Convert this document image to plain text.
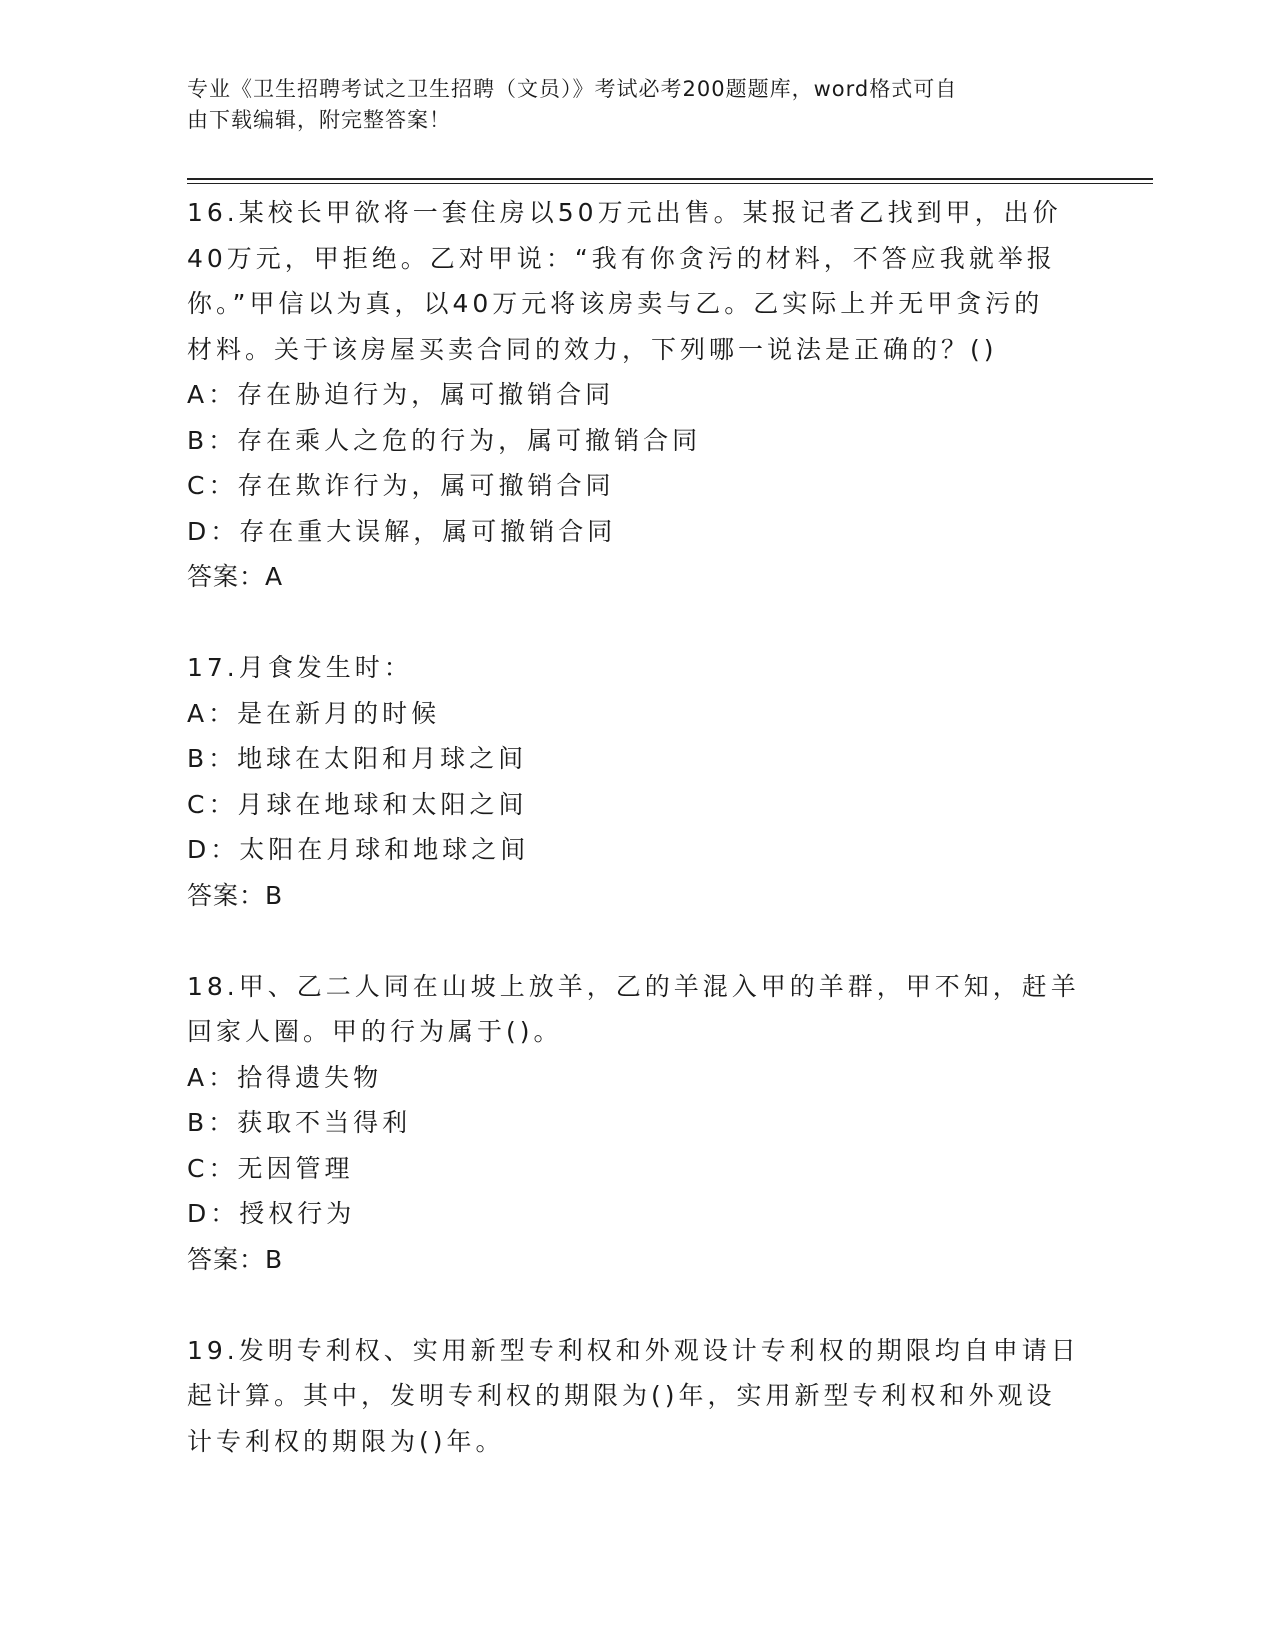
专业《卫生招聘考试之卫生招聘（文员）》考试必考200题题库，word格式可自
由下载编辑，附完整答案！

16.某校长甲欲将一套住房以50万元出售。某报记者乙找到甲，出价

40万元，甲拒绝。乙对甲说：“我有你贪污的材料，不答应我就举报

你。”甲信以为真，以40万元将该房卖与乙。乙实际上并无甲贪污的

材料。关于该房屋买卖合同的效力，下列哪一说法是正确的？()

A：存在胁迫行为，属可撤销合同

B：存在乘人之危的行为，属可撤销合同

C：存在欺诈行为，属可撤销合同

D：存在重大误解，属可撤销合同

答案：A

17.月食发生时：

A：是在新月的时候

B：地球在太阳和月球之间

C：月球在地球和太阳之间

D：太阳在月球和地球之间

答案：B

18.甲、乙二人同在山坡上放羊，乙的羊混入甲的羊群，甲不知，赶羊

回家人圈。甲的行为属于()。

A：拾得遗失物

B：获取不当得利

C：无因管理

D：授权行为

答案：B

19.发明专利权、实用新型专利权和外观设计专利权的期限均自申请日

起计算。其中，发明专利权的期限为()年，实用新型专利权和外观设

计专利权的期限为()年。
